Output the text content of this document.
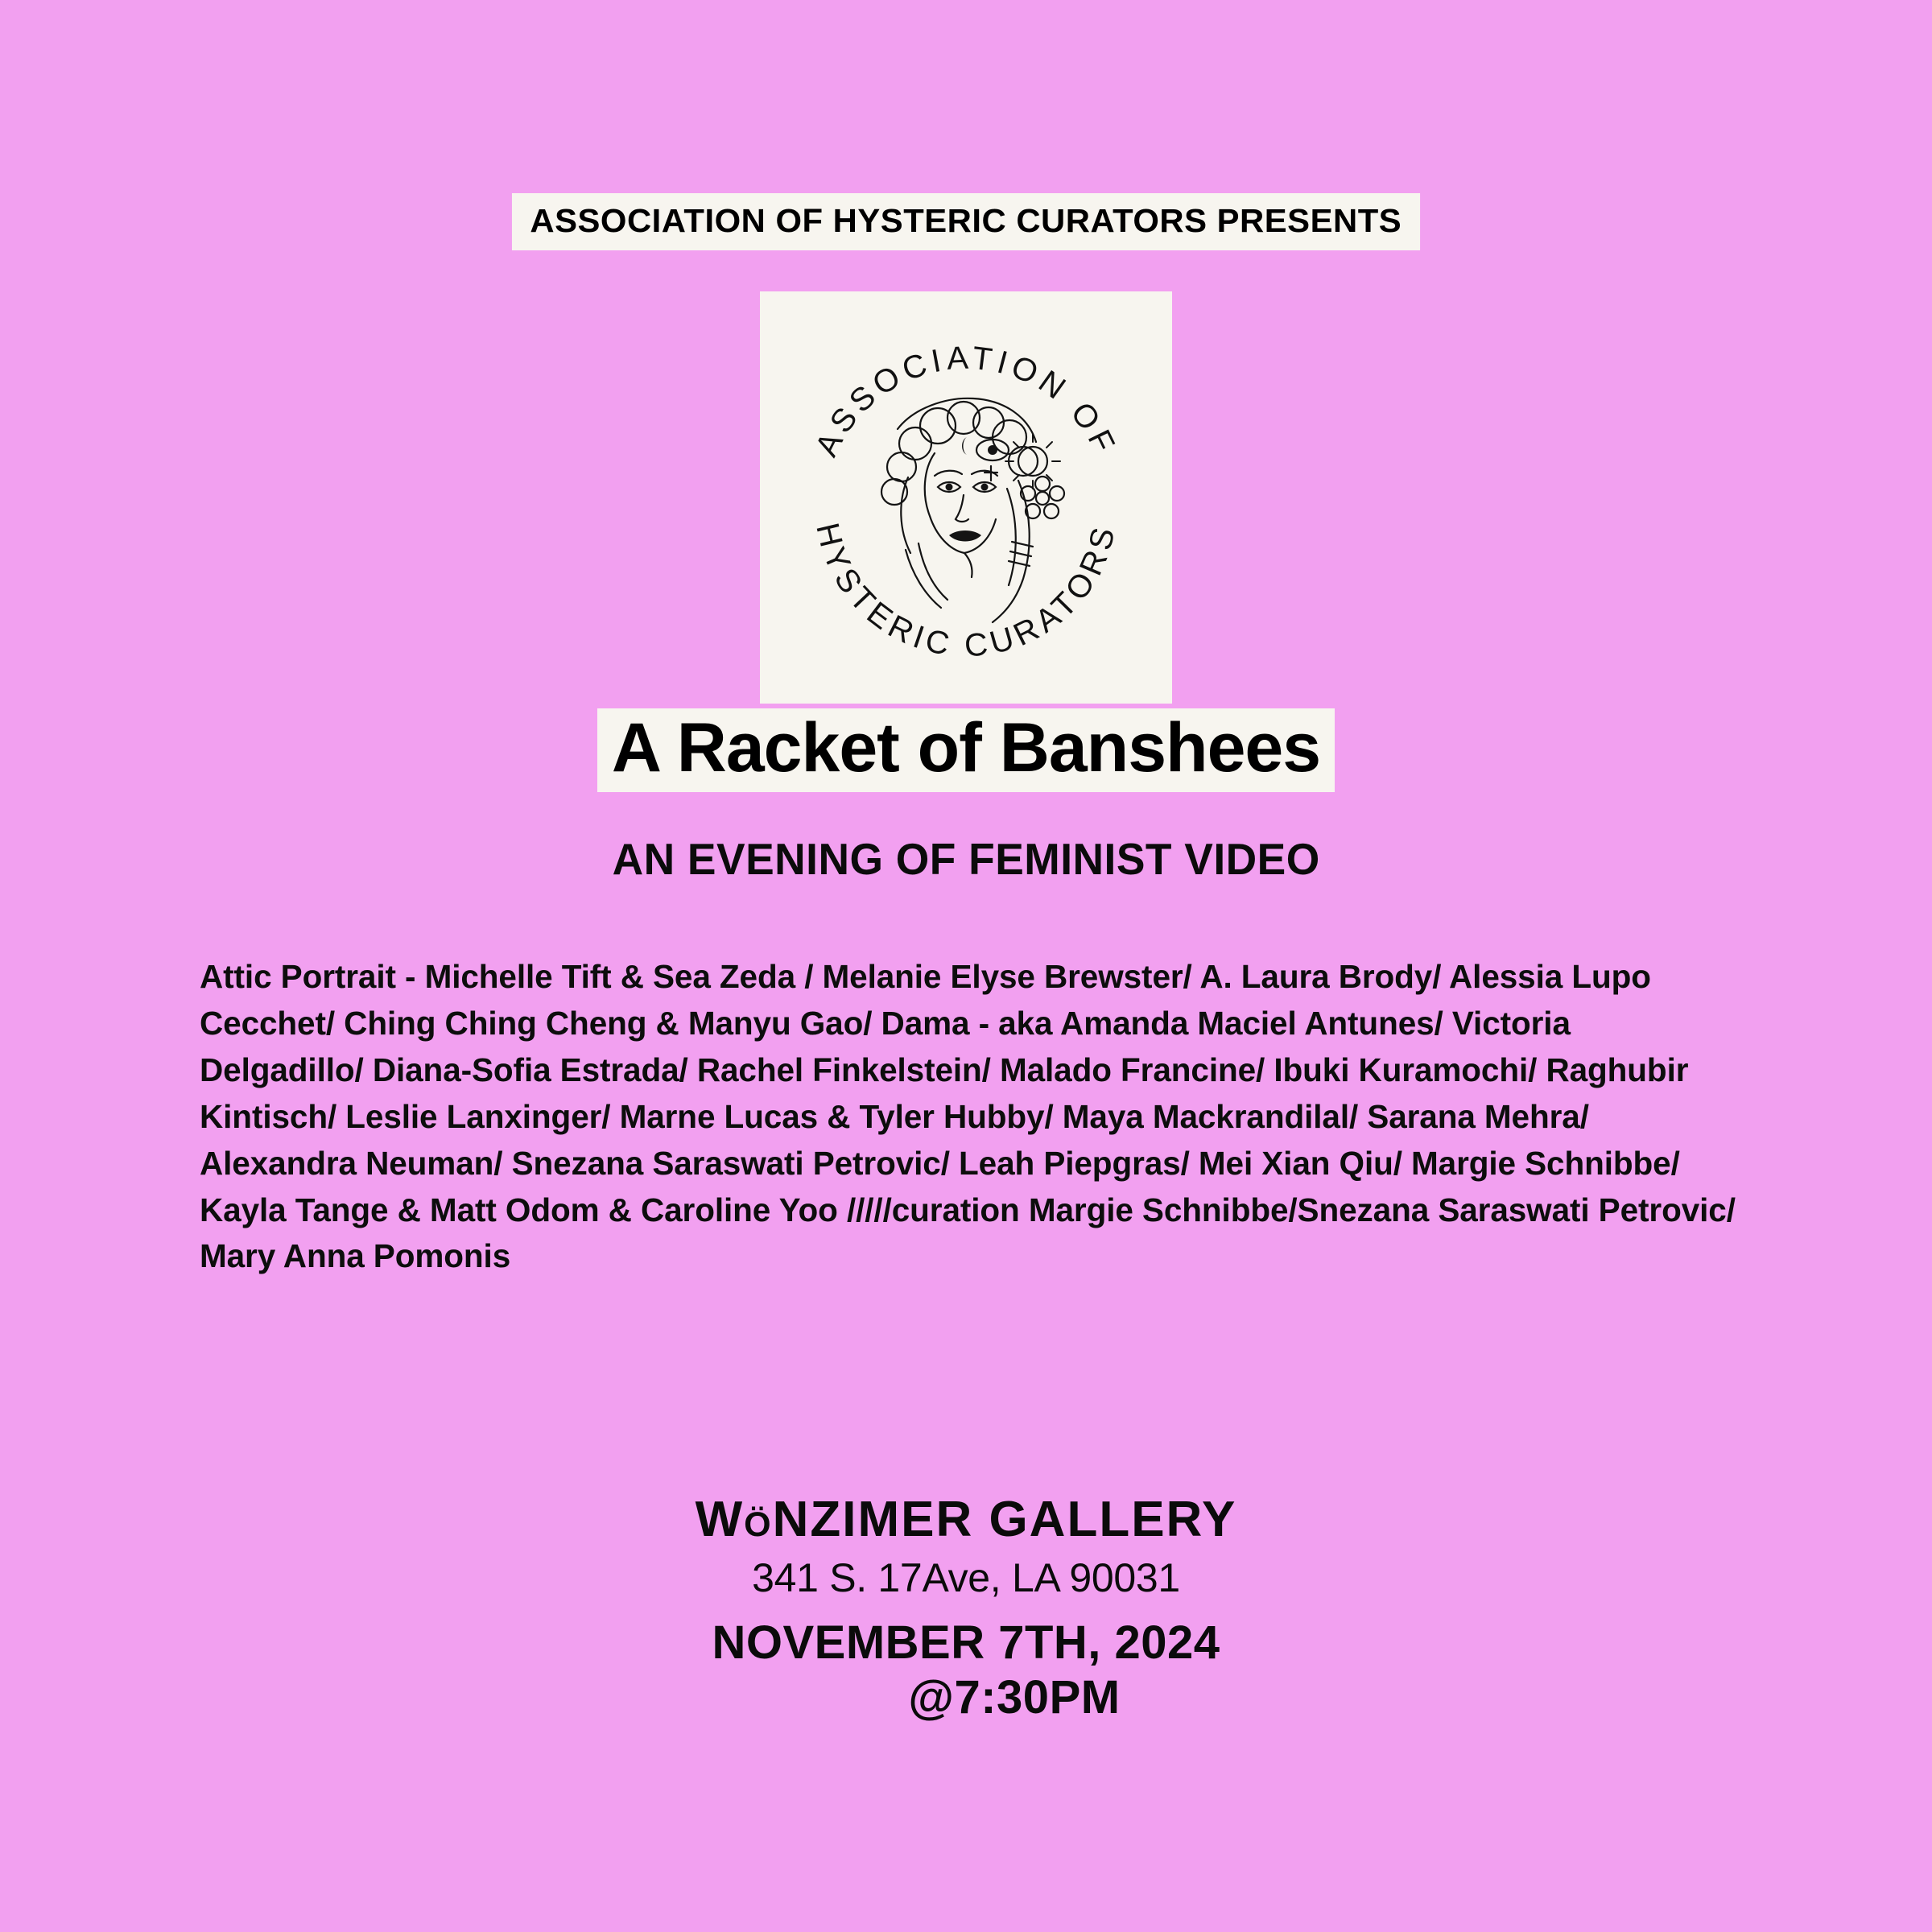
ASSOCIATION OF HYSTERIC CURATORS PRESENTS
ASSOCIATION OF
HYSTERIC CURATORS
A Racket of Banshees
AN EVENING OF FEMINIST VIDEO
Attic Portrait - Michelle Tift & Sea Zeda / Melanie Elyse Brewster/ A. Laura Brody/ Alessia Lupo Cecchet/ Ching Ching Cheng & Manyu Gao/ Dama - aka Amanda Maciel Antunes/ Victoria Delgadillo/ Diana-Sofia Estrada/ Rachel Finkelstein/ Malado Francine/ Ibuki Kuramochi/ Raghubir Kintisch/ Leslie Lanxinger/ Marne Lucas & Tyler Hubby/ Maya Mackrandilal/ Sarana Mehra/ Alexandra Neuman/ Snezana Saraswati Petrovic/ Leah Piepgras/ Mei Xian Qiu/ Margie Schnibbe/ Kayla Tange & Matt Odom & Caroline Yoo /////curation Margie Schnibbe/Snezana Saraswati Petrovic/ Mary Anna Pomonis
WöNZIMER GALLERY
341 S. 17Ave, LA 90031
NOVEMBER 7TH, 2024
@7:30PM
